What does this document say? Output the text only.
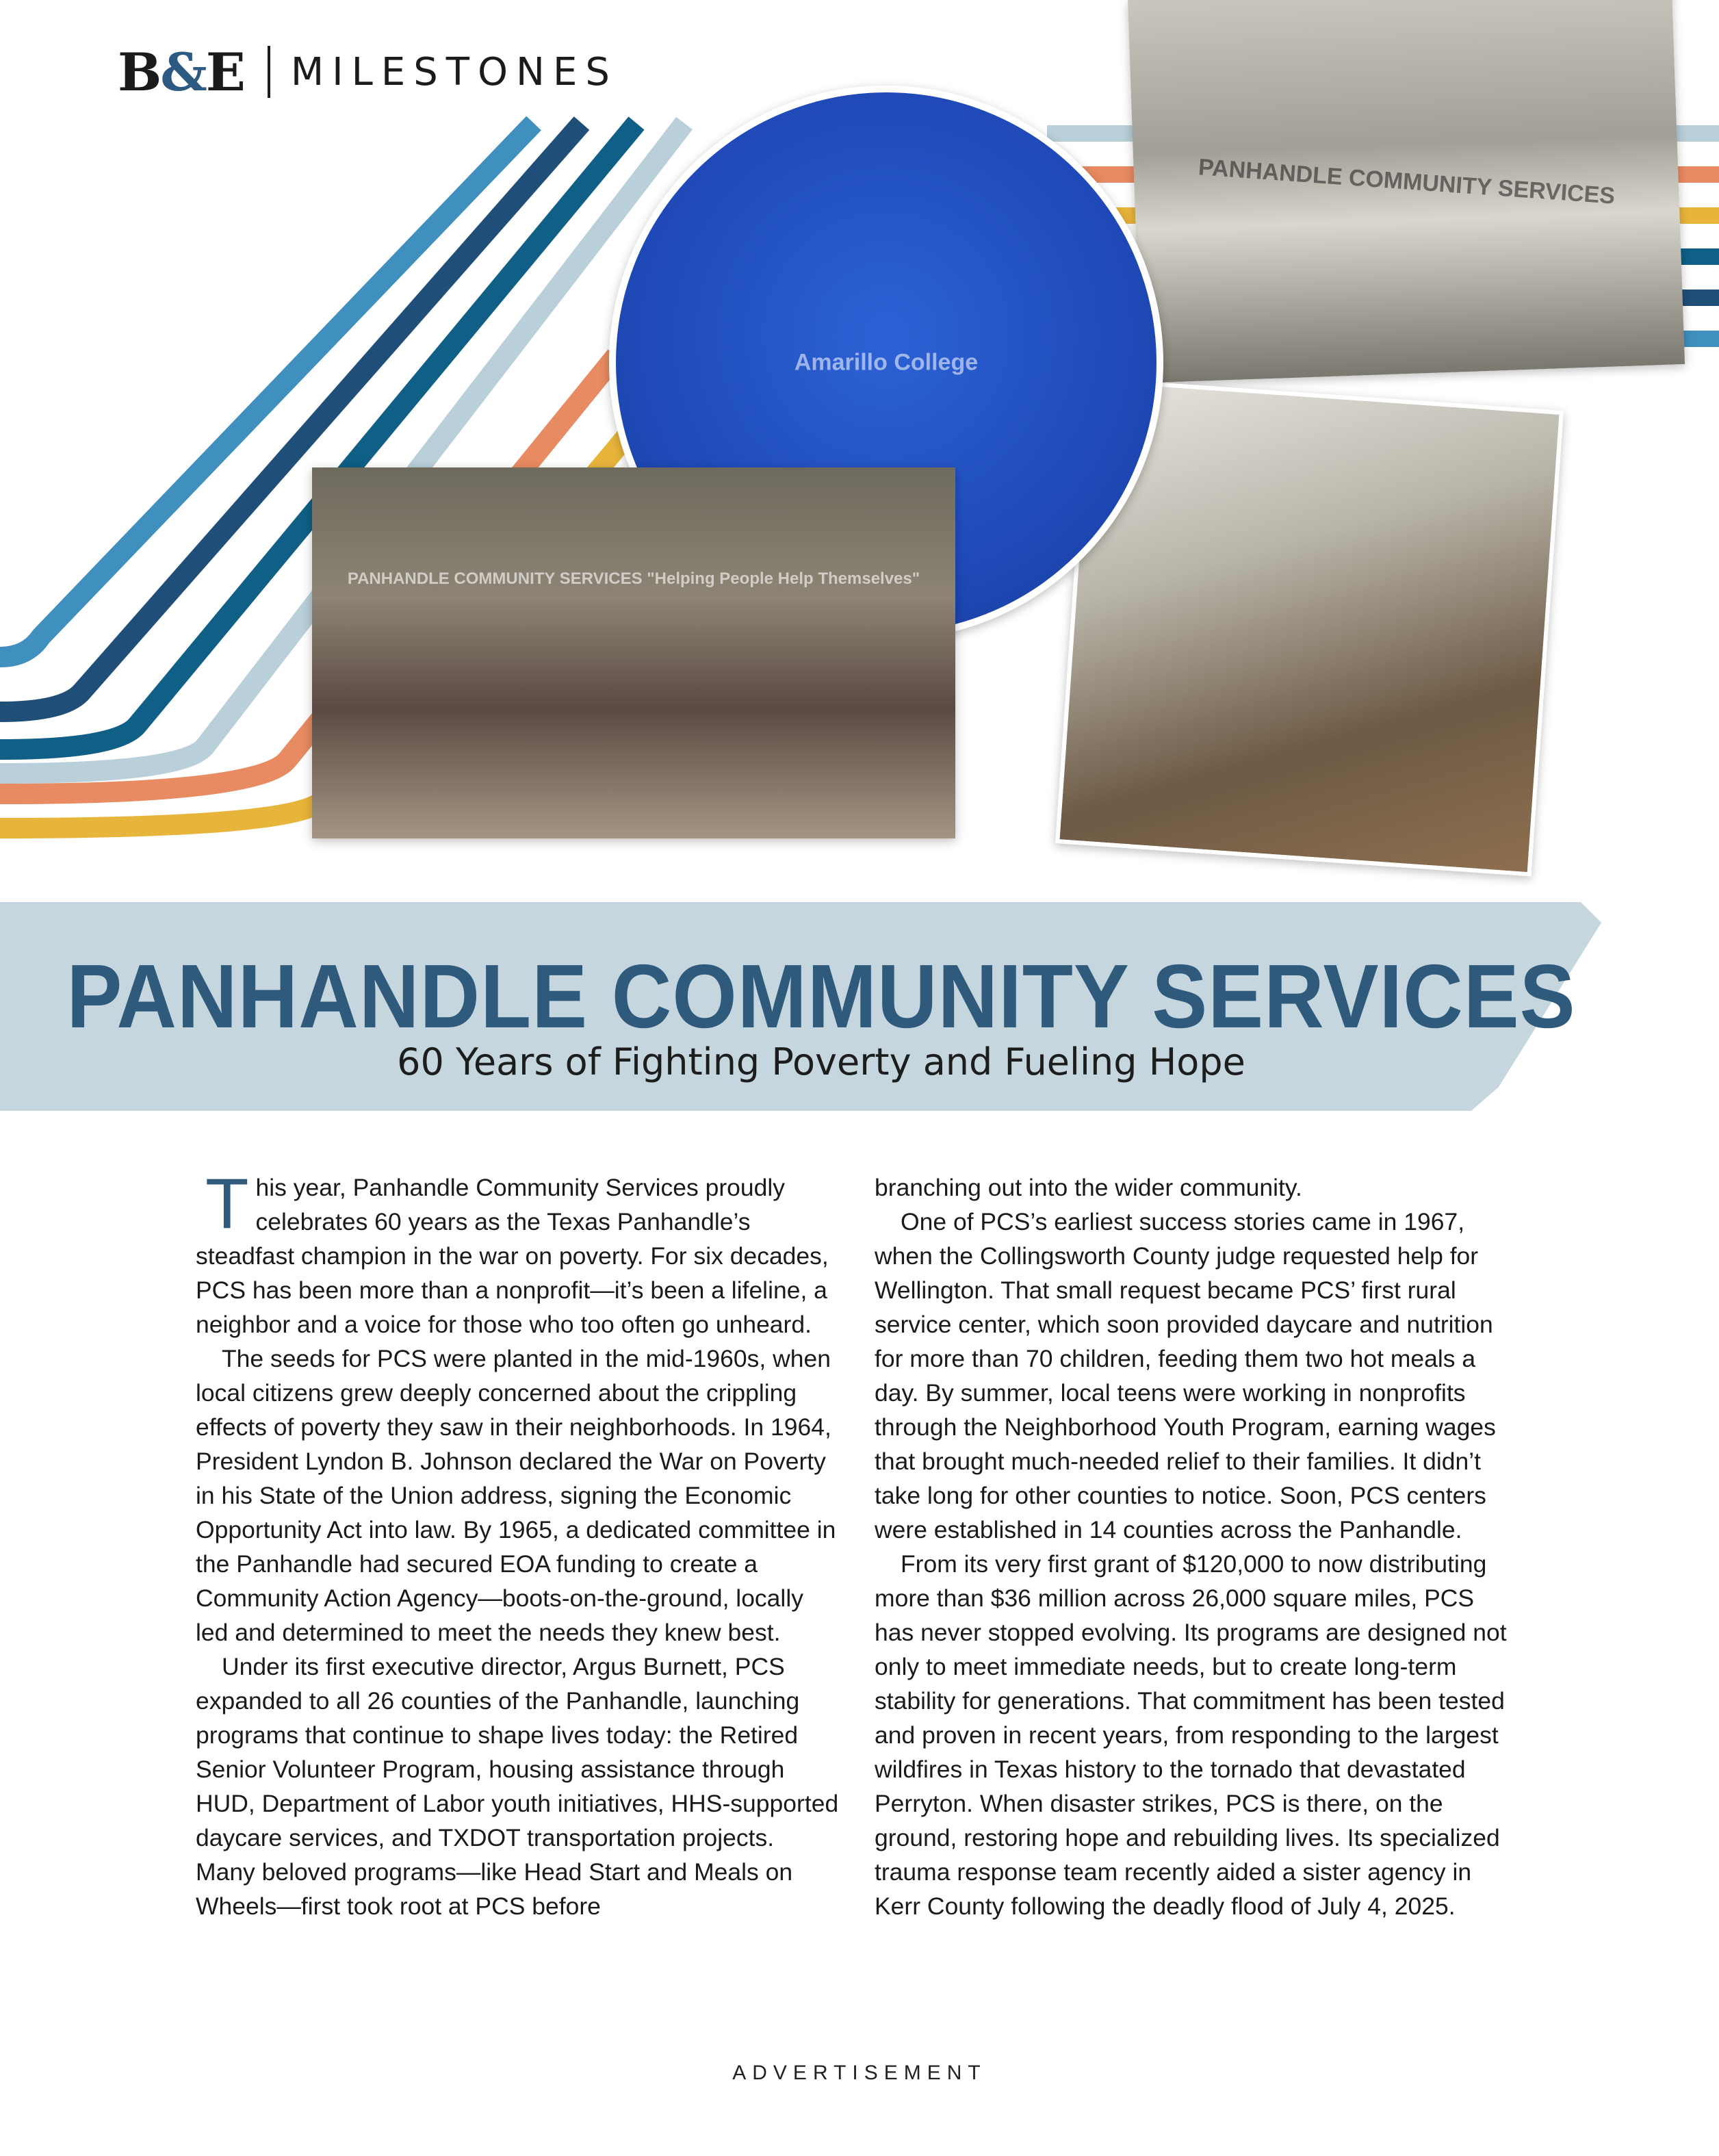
B&E MILESTONES
PANHANDLE COMMUNITY SERVICES
Amarillo College
PANHANDLE COMMUNITY SERVICES "Helping People Help Themselves"
PANHANDLE COMMUNITY SERVICES
60 Years of Fighting Poverty and Fueling Hope

This year, Panhandle Community Services proudly celebrates 60 years as the Texas Panhandle’s steadfast champion in the war on poverty. For six decades, PCS has been more than a nonprofit—it’s been a lifeline, a neighbor and a voice for those who too often go unheard.

The seeds for PCS were planted in the mid-1960s, when local citizens grew deeply concerned about the crippling effects of poverty they saw in their neighborhoods. In 1964, President Lyndon B. Johnson declared the War on Poverty in his State of the Union address, signing the Economic Opportunity Act into law. By 1965, a dedicated committee in the Panhandle had secured EOA funding to create a Community Action Agency—boots-on-the-ground, locally led and determined to meet the needs they knew best.

Under its first executive director, Argus Burnett, PCS expanded to all 26 counties of the Panhandle, launching programs that continue to shape lives today: the Retired Senior Volunteer Program, housing assistance through HUD, Department of Labor youth initiatives, HHS-supported daycare services, and TXDOT transportation projects. Many beloved programs—like Head Start and Meals on Wheels—first took root at PCS before

branching out into the wider community.

One of PCS’s earliest success stories came in 1967, when the Collingsworth County judge requested help for Wellington. That small request became PCS’ first rural service center, which soon provided daycare and nutrition for more than 70 children, feeding them two hot meals a day. By summer, local teens were working in nonprofits through the Neighborhood Youth Program, earning wages that brought much-needed relief to their families. It didn’t take long for other counties to notice. Soon, PCS centers were established in 14 counties across the Panhandle.

From its very first grant of $120,000 to now distributing more than $36 million across 26,000 square miles, PCS has never stopped evolving. Its programs are designed not only to meet immediate needs, but to create long-term stability for generations. That commitment has been tested and proven in recent years, from responding to the largest wildfires in Texas history to the tornado that devastated Perryton. When disaster strikes, PCS is there, on the ground, restoring hope and rebuilding lives. Its specialized trauma response team recently aided a sister agency in Kerr County following the deadly flood of July 4, 2025.

ADVERTISEMENT
